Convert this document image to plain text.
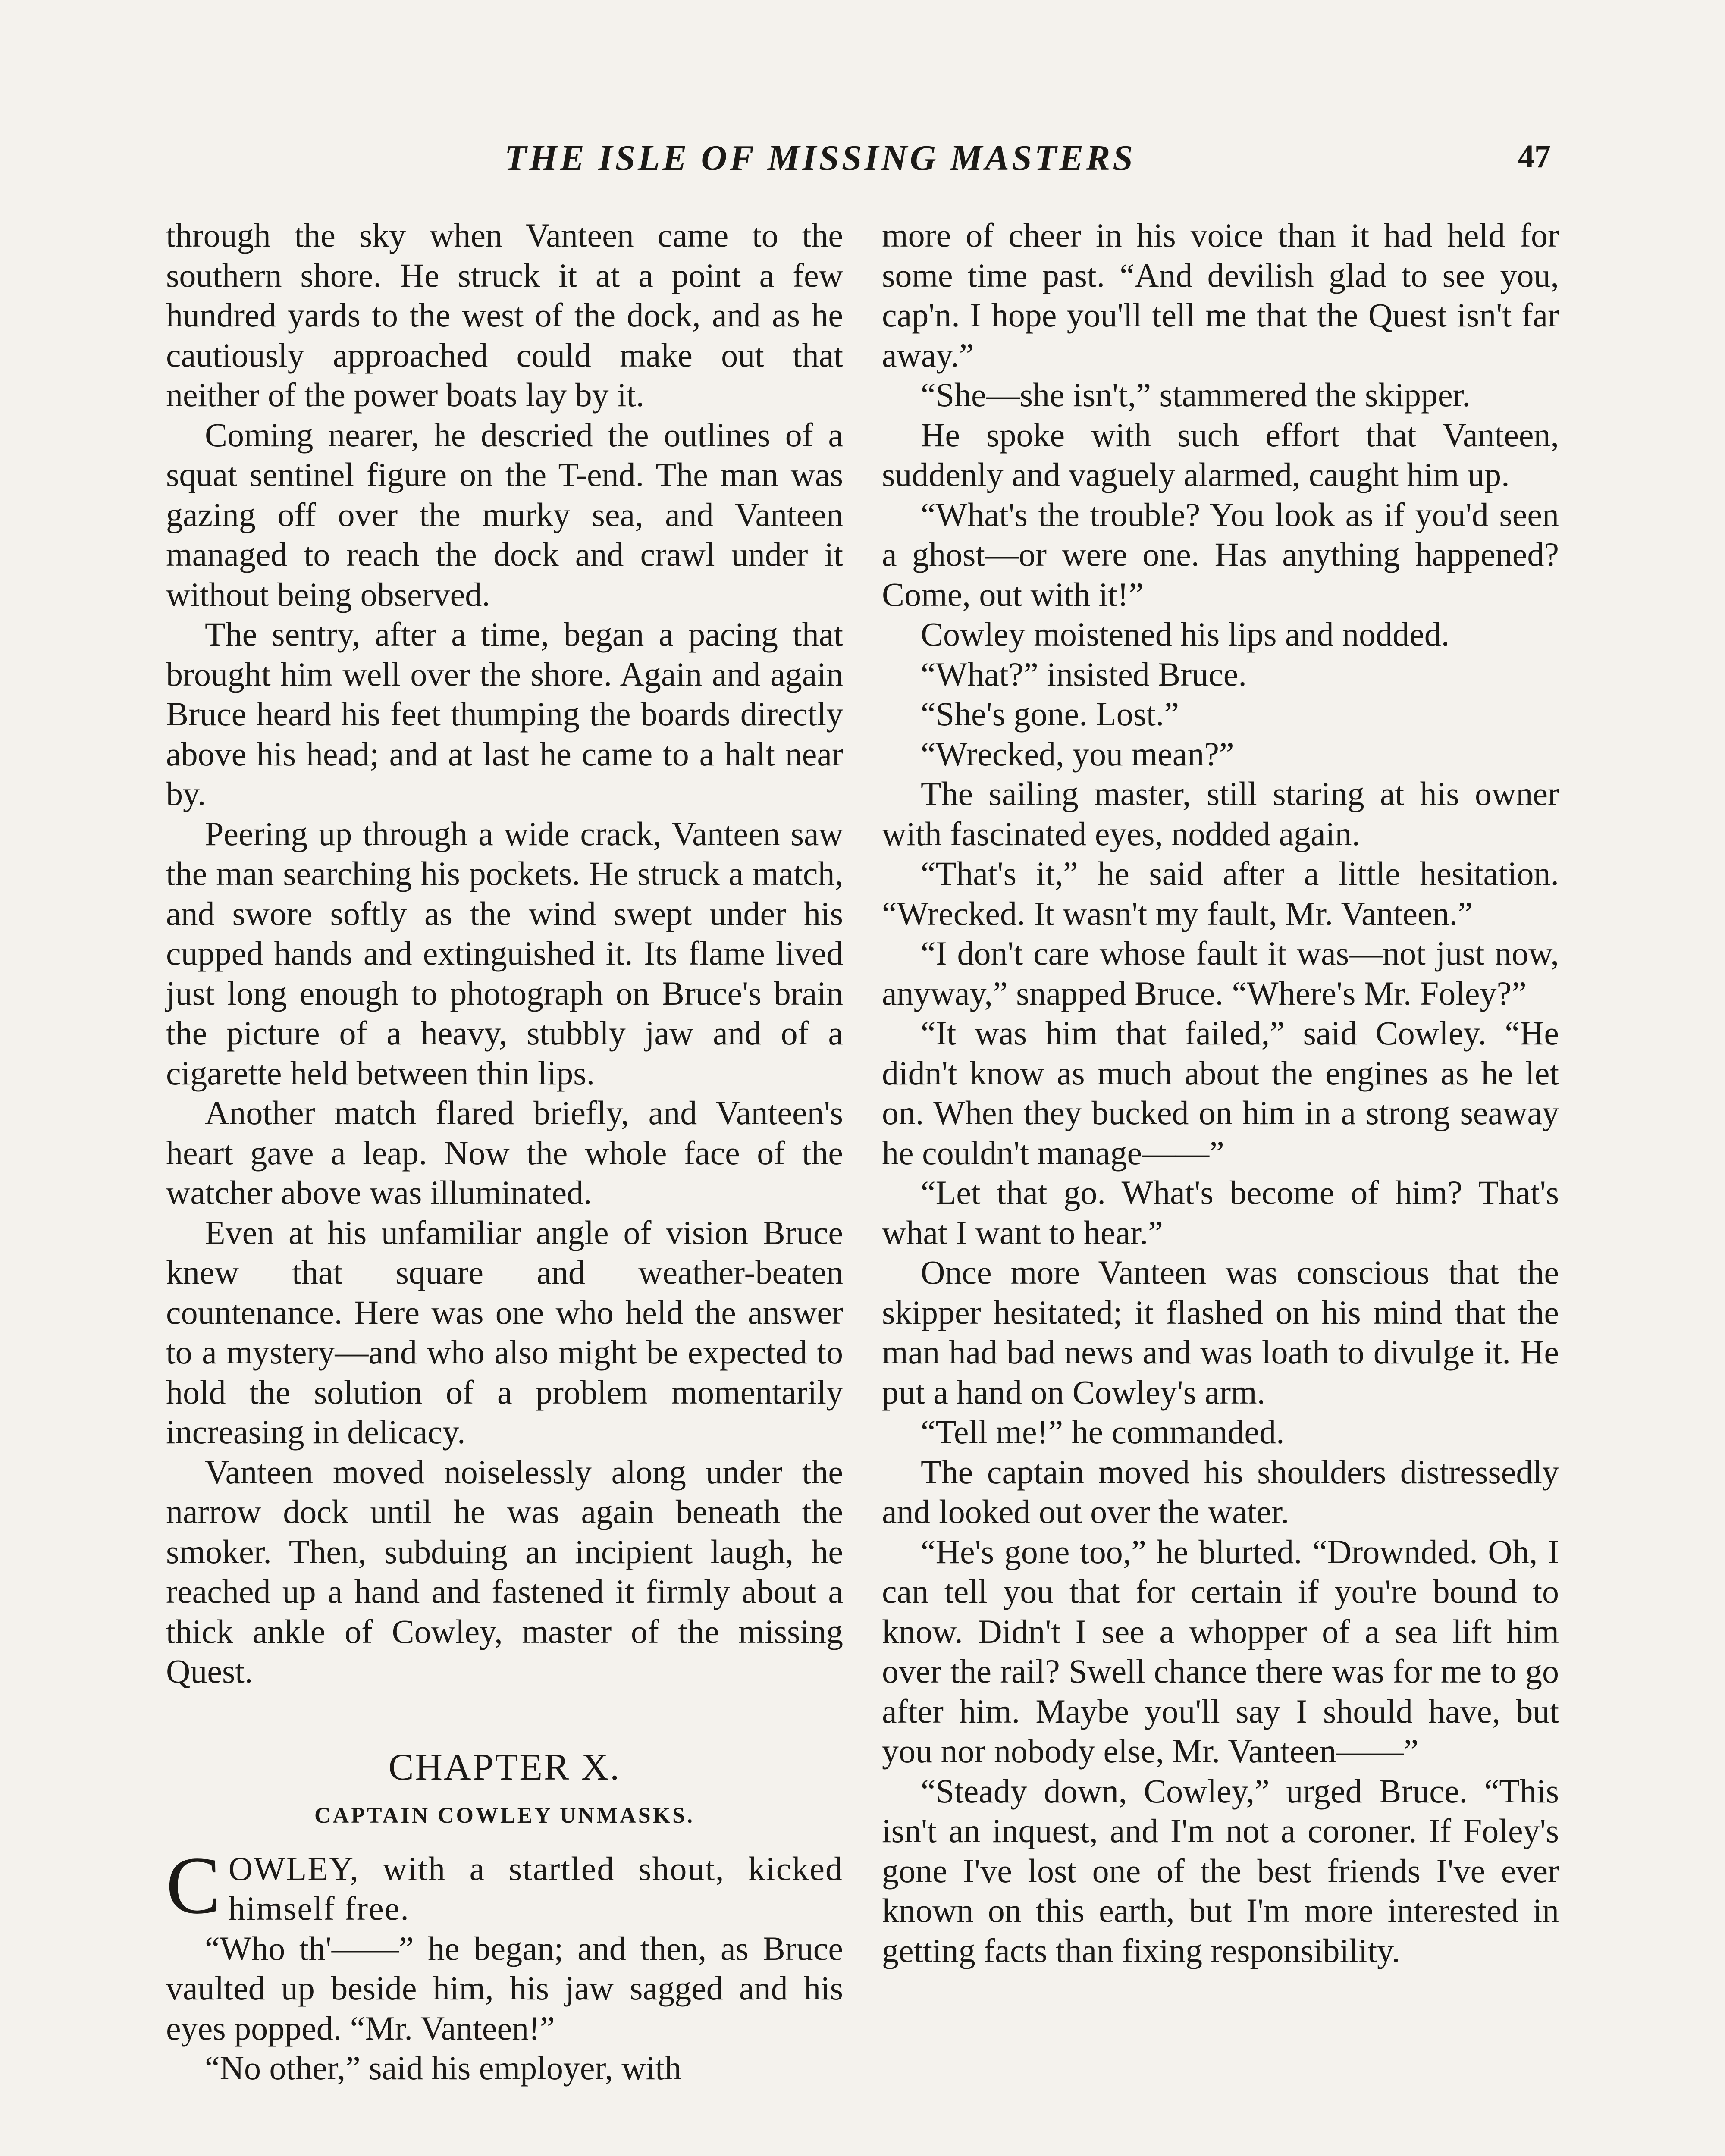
THE ISLE OF MISSING MASTERS	47

through the sky when Vanteen came to the southern shore. He struck it at a point a few hundred yards to the west of the dock, and as he cautiously approached could make out that neither of the power boats lay by it.

Coming nearer, he descried the outlines of a squat sentinel figure on the T-end. The man was gazing off over the murky sea, and Vanteen managed to reach the dock and crawl under it without being observed.

The sentry, after a time, began a pacing that brought him well over the shore. Again and again Bruce heard his feet thumping the boards directly above his head; and at last he came to a halt near by.

Peering up through a wide crack, Vanteen saw the man searching his pockets. He struck a match, and swore softly as the wind swept under his cupped hands and extinguished it. Its flame lived just long enough to photograph on Bruce's brain the picture of a heavy, stubbly jaw and of a cigarette held between thin lips.

Another match flared briefly, and Vanteen's heart gave a leap. Now the whole face of the watcher above was illuminated.

Even at his unfamiliar angle of vision Bruce knew that square and weather-beaten countenance. Here was one who held the answer to a mystery—and who also might be expected to hold the solution of a problem momentarily increasing in delicacy.

Vanteen moved noiselessly along under the narrow dock until he was again beneath the smoker. Then, subduing an incipient laugh, he reached up a hand and fastened it firmly about a thick ankle of Cowley, master of the missing Quest.

CHAPTER X.
CAPTAIN COWLEY UNMASKS.

COWLEY, with a startled shout, kicked himself free.

“Who th'——” he began; and then, as Bruce vaulted up beside him, his jaw sagged and his eyes popped. “Mr. Vanteen!”

“No other,” said his employer, with

more of cheer in his voice than it had held for some time past. “And devilish glad to see you, cap'n. I hope you'll tell me that the Quest isn't far away.”

“She—she isn't,” stammered the skipper.

He spoke with such effort that Vanteen, suddenly and vaguely alarmed, caught him up.

“What's the trouble? You look as if you'd seen a ghost—or were one. Has anything happened? Come, out with it!”

Cowley moistened his lips and nodded.

“What?” insisted Bruce.

“She's gone. Lost.”

“Wrecked, you mean?”

The sailing master, still staring at his owner with fascinated eyes, nodded again.

“That's it,” he said after a little hesitation. “Wrecked. It wasn't my fault, Mr. Vanteen.”

“I don't care whose fault it was—not just now, anyway,” snapped Bruce. “Where's Mr. Foley?”

“It was him that failed,” said Cowley. “He didn't know as much about the engines as he let on. When they bucked on him in a strong seaway he couldn't manage——”

“Let that go. What's become of him? That's what I want to hear.”

Once more Vanteen was conscious that the skipper hesitated; it flashed on his mind that the man had bad news and was loath to divulge it. He put a hand on Cowley's arm.

“Tell me!” he commanded.

The captain moved his shoulders distressedly and looked out over the water.

“He's gone too,” he blurted. “Drownded. Oh, I can tell you that for certain if you're bound to know. Didn't I see a whopper of a sea lift him over the rail? Swell chance there was for me to go after him. Maybe you'll say I should have, but you nor nobody else, Mr. Vanteen——”

“Steady down, Cowley,” urged Bruce. “This isn't an inquest, and I'm not a coroner. If Foley's gone I've lost one of the best friends I've ever known on this earth, but I'm more interested in getting facts than fixing responsibility.
